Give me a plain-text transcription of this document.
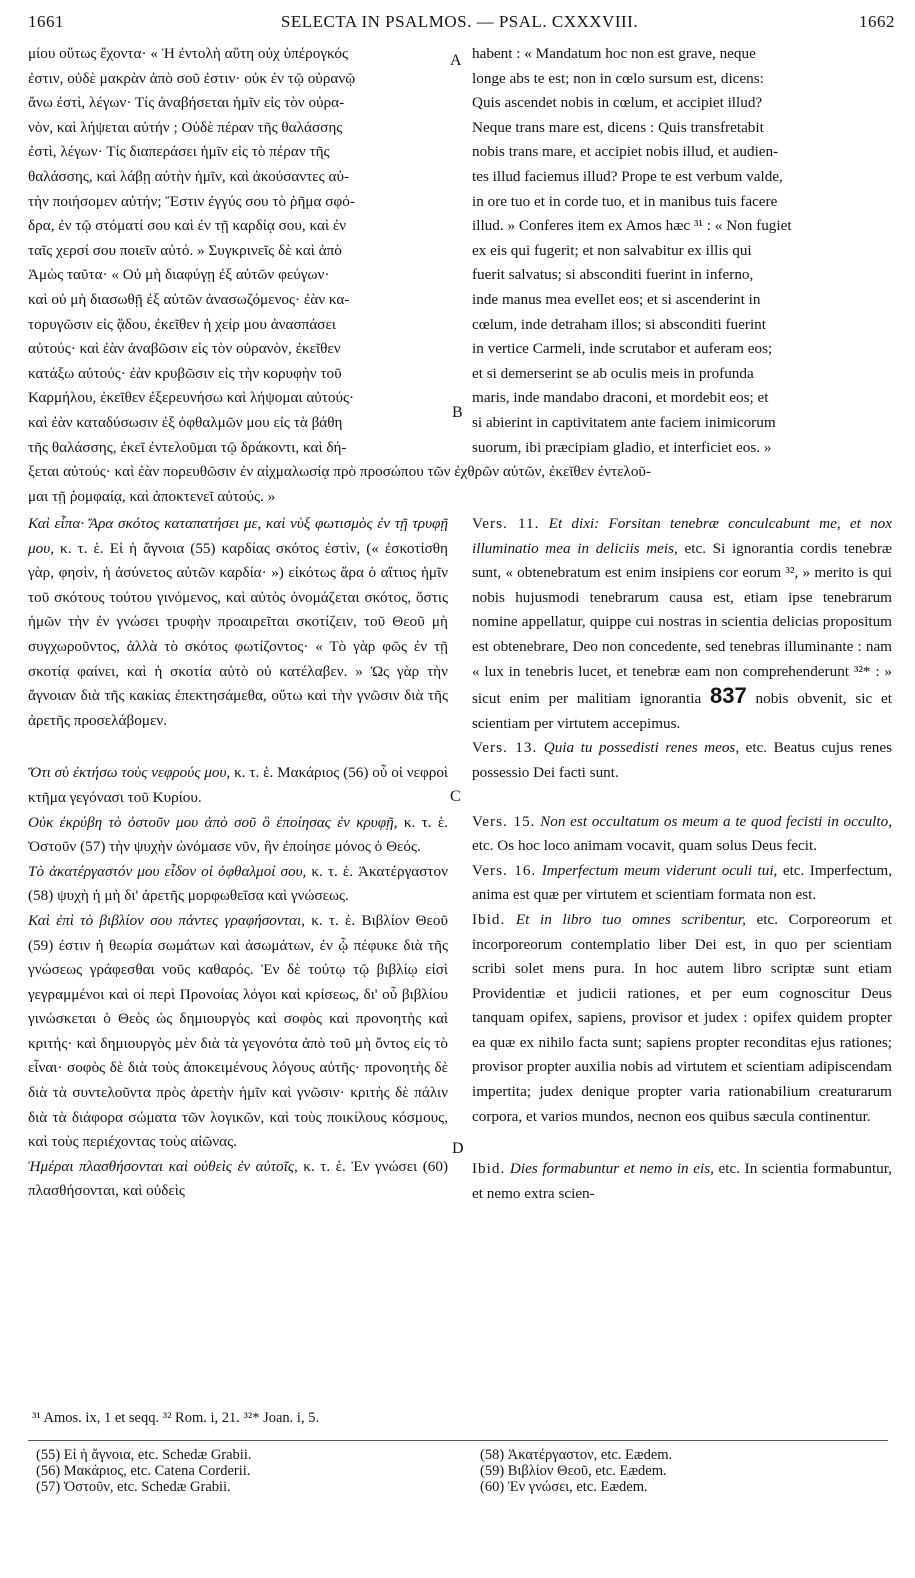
1661	SELECTA IN PSALMOS. — PSAL. CXXXVIII.	1662
A
B
C
D
μίου οὕτως ἔχοντα· « Ἡ ἐντολὴ αὕτη οὐχ ὑπέρογκός
ἐστιν, οὐδὲ μακρὰν ἀπὸ σοῦ ἐστιν· οὐκ ἐν τῷ οὐρανῷ
ἄνω ἐστὶ, λέγων· Τίς ἀναβήσεται ἡμῖν εἰς τὸν οὐρα-
νὸν, καὶ λήψεται αὐτήν ; Οὐδὲ πέραν τῆς θαλάσσης
ἐστὶ, λέγων· Τίς διαπεράσει ἡμῖν εἰς τὸ πέραν τῆς
θαλάσσης, καὶ λάβῃ αὐτὴν ἡμῖν, καὶ ἀκούσαντες αὐ-
τὴν ποιήσομεν αὐτήν; Ἔστιν ἐγγύς σου τὸ ῥῆμα σφό-
δρα, ἐν τῷ στόματί σου καὶ ἐν τῇ καρδίᾳ σου, καὶ ἐν
ταῖς χερσί σου ποιεῖν αὐτό. » Συγκρινεῖς δὲ καὶ ἀπὸ
Ἀμὼς ταῦτα· « Οὐ μὴ διαφύγῃ ἐξ αὐτῶν φεύγων·
καὶ οὐ μὴ διασωθῇ ἐξ αὐτῶν ἀνασωζόμενος· ἐὰν κα-
τορυγῶσιν εἰς ᾅδου, ἐκεῖθεν ἡ χείρ μου ἀνασπάσει
αὐτούς· καὶ ἐὰν ἀναβῶσιν εἰς τὸν οὐρανὸν, ἐκεῖθεν
κατάξω αὐτούς· ἐὰν κρυβῶσιν εἰς τὴν κορυφὴν τοῦ
Καρμήλου, ἐκεῖθεν ἐξερευνήσω καὶ λήψομαι αὐτούς·
καὶ ἐὰν καταδύσωσιν ἐξ ὀφθαλμῶν μου εἰς τὰ βάθη
τῆς θαλάσσης, ἐκεῖ ἐντελοῦμαι τῷ δράκοντι, καὶ δή-
habent : « Mandatum hoc non est grave, neque
longe abs te est; non in cœlo sursum est, dicens:
Quis ascendet nobis in cœlum, et accipiet illud?
Neque trans mare est, dicens : Quis transfretabit
nobis trans mare, et accipiet nobis illud, et audien-
tes illud faciemus illud? Prope te est verbum valde,
in ore tuo et in corde tuo, et in manibus tuis facere
illud. » Conferes item ex Amos hæc ³¹ : « Non fugiet
ex eis qui fugerit; et non salvabitur ex illis qui
fuerit salvatus; si absconditi fuerint in inferno,
inde manus mea evellet eos; et si ascenderint in
cœlum, inde detraham illos; si absconditi fuerint
in vertice Carmeli, inde scrutabor et auferam eos;
et si demerserint se ab oculis meis in profunda
maris, inde mandabo draconi, et mordebit eos; et
si abierint in captivitatem ante faciem inimicorum
suorum, ibi præcipiam gladio, et interficiet eos. »
ξεται αὐτούς· καὶ ἐὰν πορευθῶσιν ἐν αἰχμαλωσίᾳ πρὸ προσώπου τῶν ἐχθρῶν αὐτῶν, ἐκεῖθεν ἐντελοῦ-
μαι τῇ ῥομφαίᾳ, καὶ ἀποκτενεῖ αὐτούς. »

Καὶ εἶπα· Ἄρα σκότος καταπατήσει με, καὶ νὺξ φωτισμὸς ἐν τῇ τρυφῇ μου, κ. τ. ἑ. Εἰ ἡ ἄγνοια (55) καρδίας σκότος ἐστὶν, (« ἐσκοτίσθη γὰρ, φησὶν, ἡ ἀσύνετος αὐτῶν καρδία· ») εἰκότως ἄρα ὁ αἴτιος ἡμῖν τοῦ σκότους τούτου γινόμενος, καὶ αὐτὸς ὀνομάζεται σκότος, ὅστις ἡμῶν τὴν ἐν γνώσει τρυφὴν προαιρεῖται σκοτίζειν, τοῦ Θεοῦ μὴ συγχωροῦντος, ἀλλὰ τὸ σκότος φωτίζοντος· « Τὸ γὰρ φῶς ἐν τῇ σκοτίᾳ φαίνει, καὶ ἡ σκοτία αὐτὸ οὐ κατέλαβεν. » Ὡς γὰρ τὴν ἄγνοιαν διὰ τῆς κακίας ἐπεκτησάμεθα, οὕτω καὶ τὴν γνῶσιν διὰ τῆς ἀρετῆς προσελάβομεν.

Ὅτι σὺ ἐκτήσω τοὺς νεφρούς μου, κ. τ. ἑ. Μακάριος (56) οὗ οἱ νεφροὶ κτῆμα γεγόνασι τοῦ Κυρίου.

Οὐκ ἐκρύβη τὸ ὀστοῦν μου ἀπὸ σοῦ ὃ ἐποίησας ἐν κρυφῇ, κ. τ. ἑ. Ὀστοῦν (57) τὴν ψυχὴν ὠνόμασε νῦν, ἣν ἐποίησε μόνος ὁ Θεός.

Τὸ ἀκατέργαστόν μου εἶδον οἱ ὀφθαλμοί σου, κ. τ. ἑ. Ἀκατέργαστον (58) ψυχὴ ἡ μὴ δι' ἀρετῆς μορφωθεῖσα καὶ γνώσεως.

Καὶ ἐπὶ τὸ βιβλίον σου πάντες γραφήσονται, κ. τ. ἑ. Βιβλίον Θεοῦ (59) ἐστιν ἡ θεωρία σωμάτων καὶ ἀσωμάτων, ἐν ᾧ πέφυκε διὰ τῆς γνώσεως γράφεσθαι νοῦς καθαρός. Ἐν δὲ τούτῳ τῷ βιβλίῳ εἰσὶ γεγραμμένοι καὶ οἱ περὶ Προνοίας λόγοι καὶ κρίσεως, δι' οὗ βιβλίου γινώσκεται ὁ Θεὸς ὡς δημιουργὸς καὶ σοφὸς καὶ προνοητὴς καὶ κριτής· καὶ δημιουργὸς μὲν διὰ τὰ γεγονότα ἀπὸ τοῦ μὴ ὄντος εἰς τὸ εἶναι· σοφὸς δὲ διὰ τοὺς ἀποκειμένους λόγους αὐτῆς· προνοητὴς δὲ διὰ τὰ συντελοῦντα πρὸς ἀρετὴν ἡμῖν καὶ γνῶσιν· κριτὴς δὲ πάλιν διὰ τὰ διάφορα σώματα τῶν λογικῶν, καὶ τοὺς ποικίλους κόσμους, καὶ τοὺς περιέχοντας τοὺς αἰῶνας.

Ἡμέραι πλασθήσονται καὶ οὐθεὶς ἐν αὐτοῖς, κ. τ. ἑ. Ἐν γνώσει (60) πλασθήσονται, καὶ οὐδεὶς

Vers. 11. Et dixi: Forsitan tenebræ conculcabunt me, et nox illuminatio mea in deliciis meis, etc. Si ignorantia cordis tenebræ sunt, « obtenebratum est enim insipiens cor eorum ³², » merito is qui nobis hujusmodi tenebrarum causa est, etiam ipse tenebrarum nomine appellatur, quippe cui nostras in scientia delicias propositum est obtenebrare, Deo non concedente, sed tenebras illuminante : nam « lux in tenebris lucet, et tenebræ eam non comprehenderunt ³²* : » sicut enim per malitiam ignorantia 837 nobis obvenit, sic et scientiam per virtutem accepimus.

Vers. 13. Quia tu possedisti renes meos, etc. Beatus cujus renes possessio Dei facti sunt.

Vers. 15. Non est occultatum os meum a te quod fecisti in occulto, etc. Os hoc loco animam vocavit, quam solus Deus fecit.

Vers. 16. Imperfectum meum viderunt oculi tui, etc. Imperfectum, anima est quæ per virtutem et scientiam formata non est.

Ibid. Et in libro tuo omnes scribentur, etc. Corporeorum et incorporeorum contemplatio liber Dei est, in quo per scientiam scribi solet mens pura. In hoc autem libro scriptæ sunt etiam Providentiæ et judicii rationes, et per eum cognoscitur Deus tanquam opifex, sapiens, provisor et judex : opifex quidem propter ea quæ ex nihilo facta sunt; sapiens propter reconditas ejus rationes; provisor propter auxilia nobis ad virtutem et scientiam adipiscendam impertita; judex denique propter varia rationabilium creaturarum corpora, et varios mundos, necnon eos quibus sæcula continentur.

Ibid. Dies formabuntur et nemo in eis, etc. In scientia formabuntur, et nemo extra scien-

³¹ Amos. ix, 1 et seqq. ³² Rom. i, 21. ³²* Joan. i, 5.
(55) Εἰ ἡ ἄγνοια, etc. Schedæ Grabii.
(56) Μακάριος, etc. Catena Corderii.
(57) Ὀστοῦν, etc. Schedæ Grabii.
(58) Ἀκατέργαστον, etc. Eædem.
(59) Βιβλίον Θεοῦ, etc. Eædem.
(60) Ἐν γνώσει, etc. Eædem.
